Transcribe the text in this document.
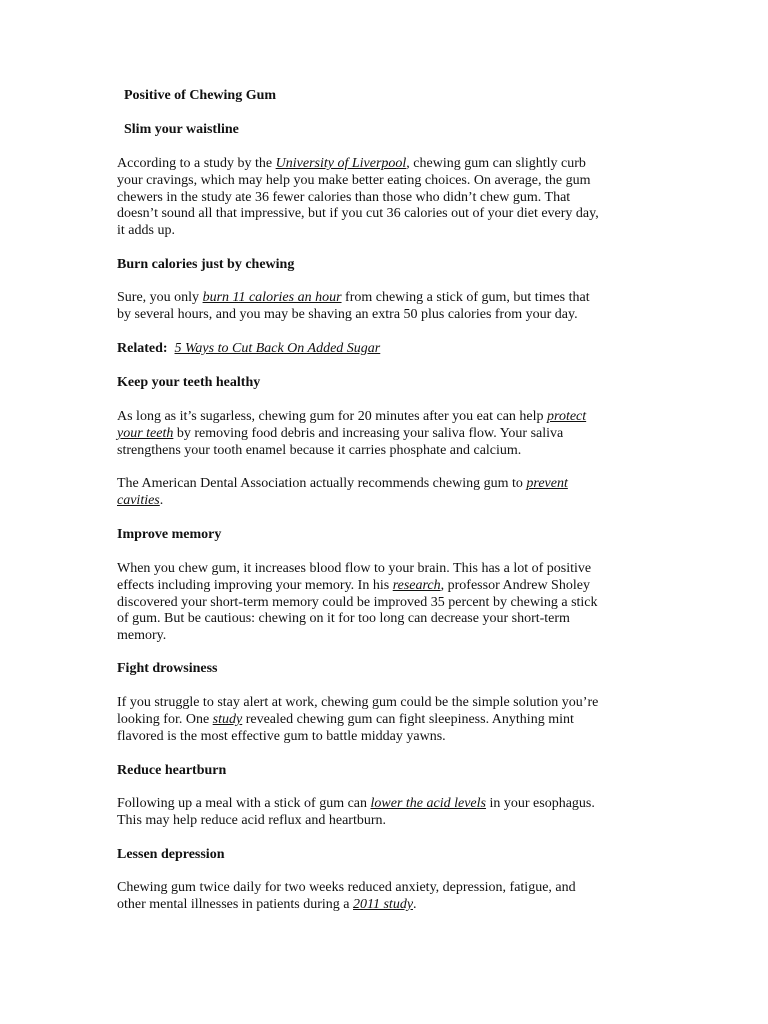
Positive of Chewing Gum

Slim your waistline

According to a study by the University of Liverpool, chewing gum can slightly curb
your cravings, which may help you make better eating choices. On average, the gum
chewers in the study ate 36 fewer calories than those who didn’t chew gum. That
doesn’t sound all that impressive, but if you cut 36 calories out of your diet every day,
it adds up.

Burn calories just by chewing

Sure, you only burn 11 calories an hour from chewing a stick of gum, but times that
by several hours, and you may be shaving an extra 50 plus calories from your day.
Related: 5 Ways to Cut Back On Added Sugar

Keep your teeth healthy

As long as it’s sugarless, chewing gum for 20 minutes after you eat can help protect
your teeth by removing food debris and increasing your saliva flow. Your saliva
strengthens your tooth enamel because it carries phosphate and calcium.
The American Dental Association actually recommends chewing gum to prevent
cavities.

Improve memory

When you chew gum, it increases blood flow to your brain. This has a lot of positive
effects including improving your memory. In his research, professor Andrew Sholey
discovered your short-term memory could be improved 35 percent by chewing a stick
of gum. But be cautious: chewing on it for too long can decrease your short-term
memory.

Fight drowsiness

If you struggle to stay alert at work, chewing gum could be the simple solution you’re
looking for. One study revealed chewing gum can fight sleepiness. Anything mint
flavored is the most effective gum to battle midday yawns.

Reduce heartburn

Following up a meal with a stick of gum can lower the acid levels in your esophagus.
This may help reduce acid reflux and heartburn.

Lessen depression

Chewing gum twice daily for two weeks reduced anxiety, depression, fatigue, and
other mental illnesses in patients during a 2011 study.
